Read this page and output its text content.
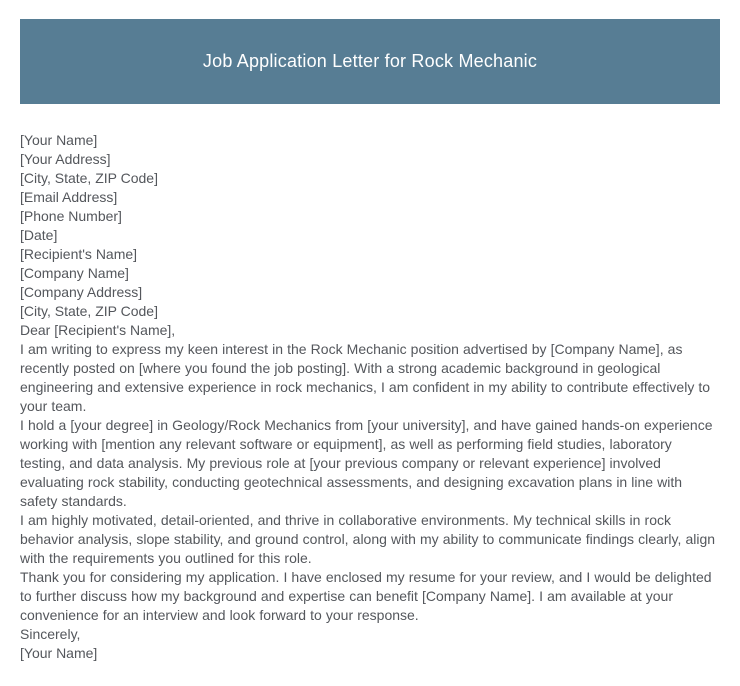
Job Application Letter for Rock Mechanic
[Your Name]
[Your Address]
[City, State, ZIP Code]
[Email Address]
[Phone Number]
[Date]
[Recipient's Name]
[Company Name]
[Company Address]
[City, State, ZIP Code]
Dear [Recipient's Name],
I am writing to express my keen interest in the Rock Mechanic position advertised by [Company Name], as recently posted on [where you found the job posting]. With a strong academic background in geological engineering and extensive experience in rock mechanics, I am confident in my ability to contribute effectively to your team.
I hold a [your degree] in Geology/Rock Mechanics from [your university], and have gained hands-on experience working with [mention any relevant software or equipment], as well as performing field studies, laboratory testing, and data analysis. My previous role at [your previous company or relevant experience] involved evaluating rock stability, conducting geotechnical assessments, and designing excavation plans in line with safety standards.
I am highly motivated, detail-oriented, and thrive in collaborative environments. My technical skills in rock behavior analysis, slope stability, and ground control, along with my ability to communicate findings clearly, align with the requirements you outlined for this role.
Thank you for considering my application. I have enclosed my resume for your review, and I would be delighted to further discuss how my background and expertise can benefit [Company Name]. I am available at your convenience for an interview and look forward to your response.
Sincerely,
[Your Name]
